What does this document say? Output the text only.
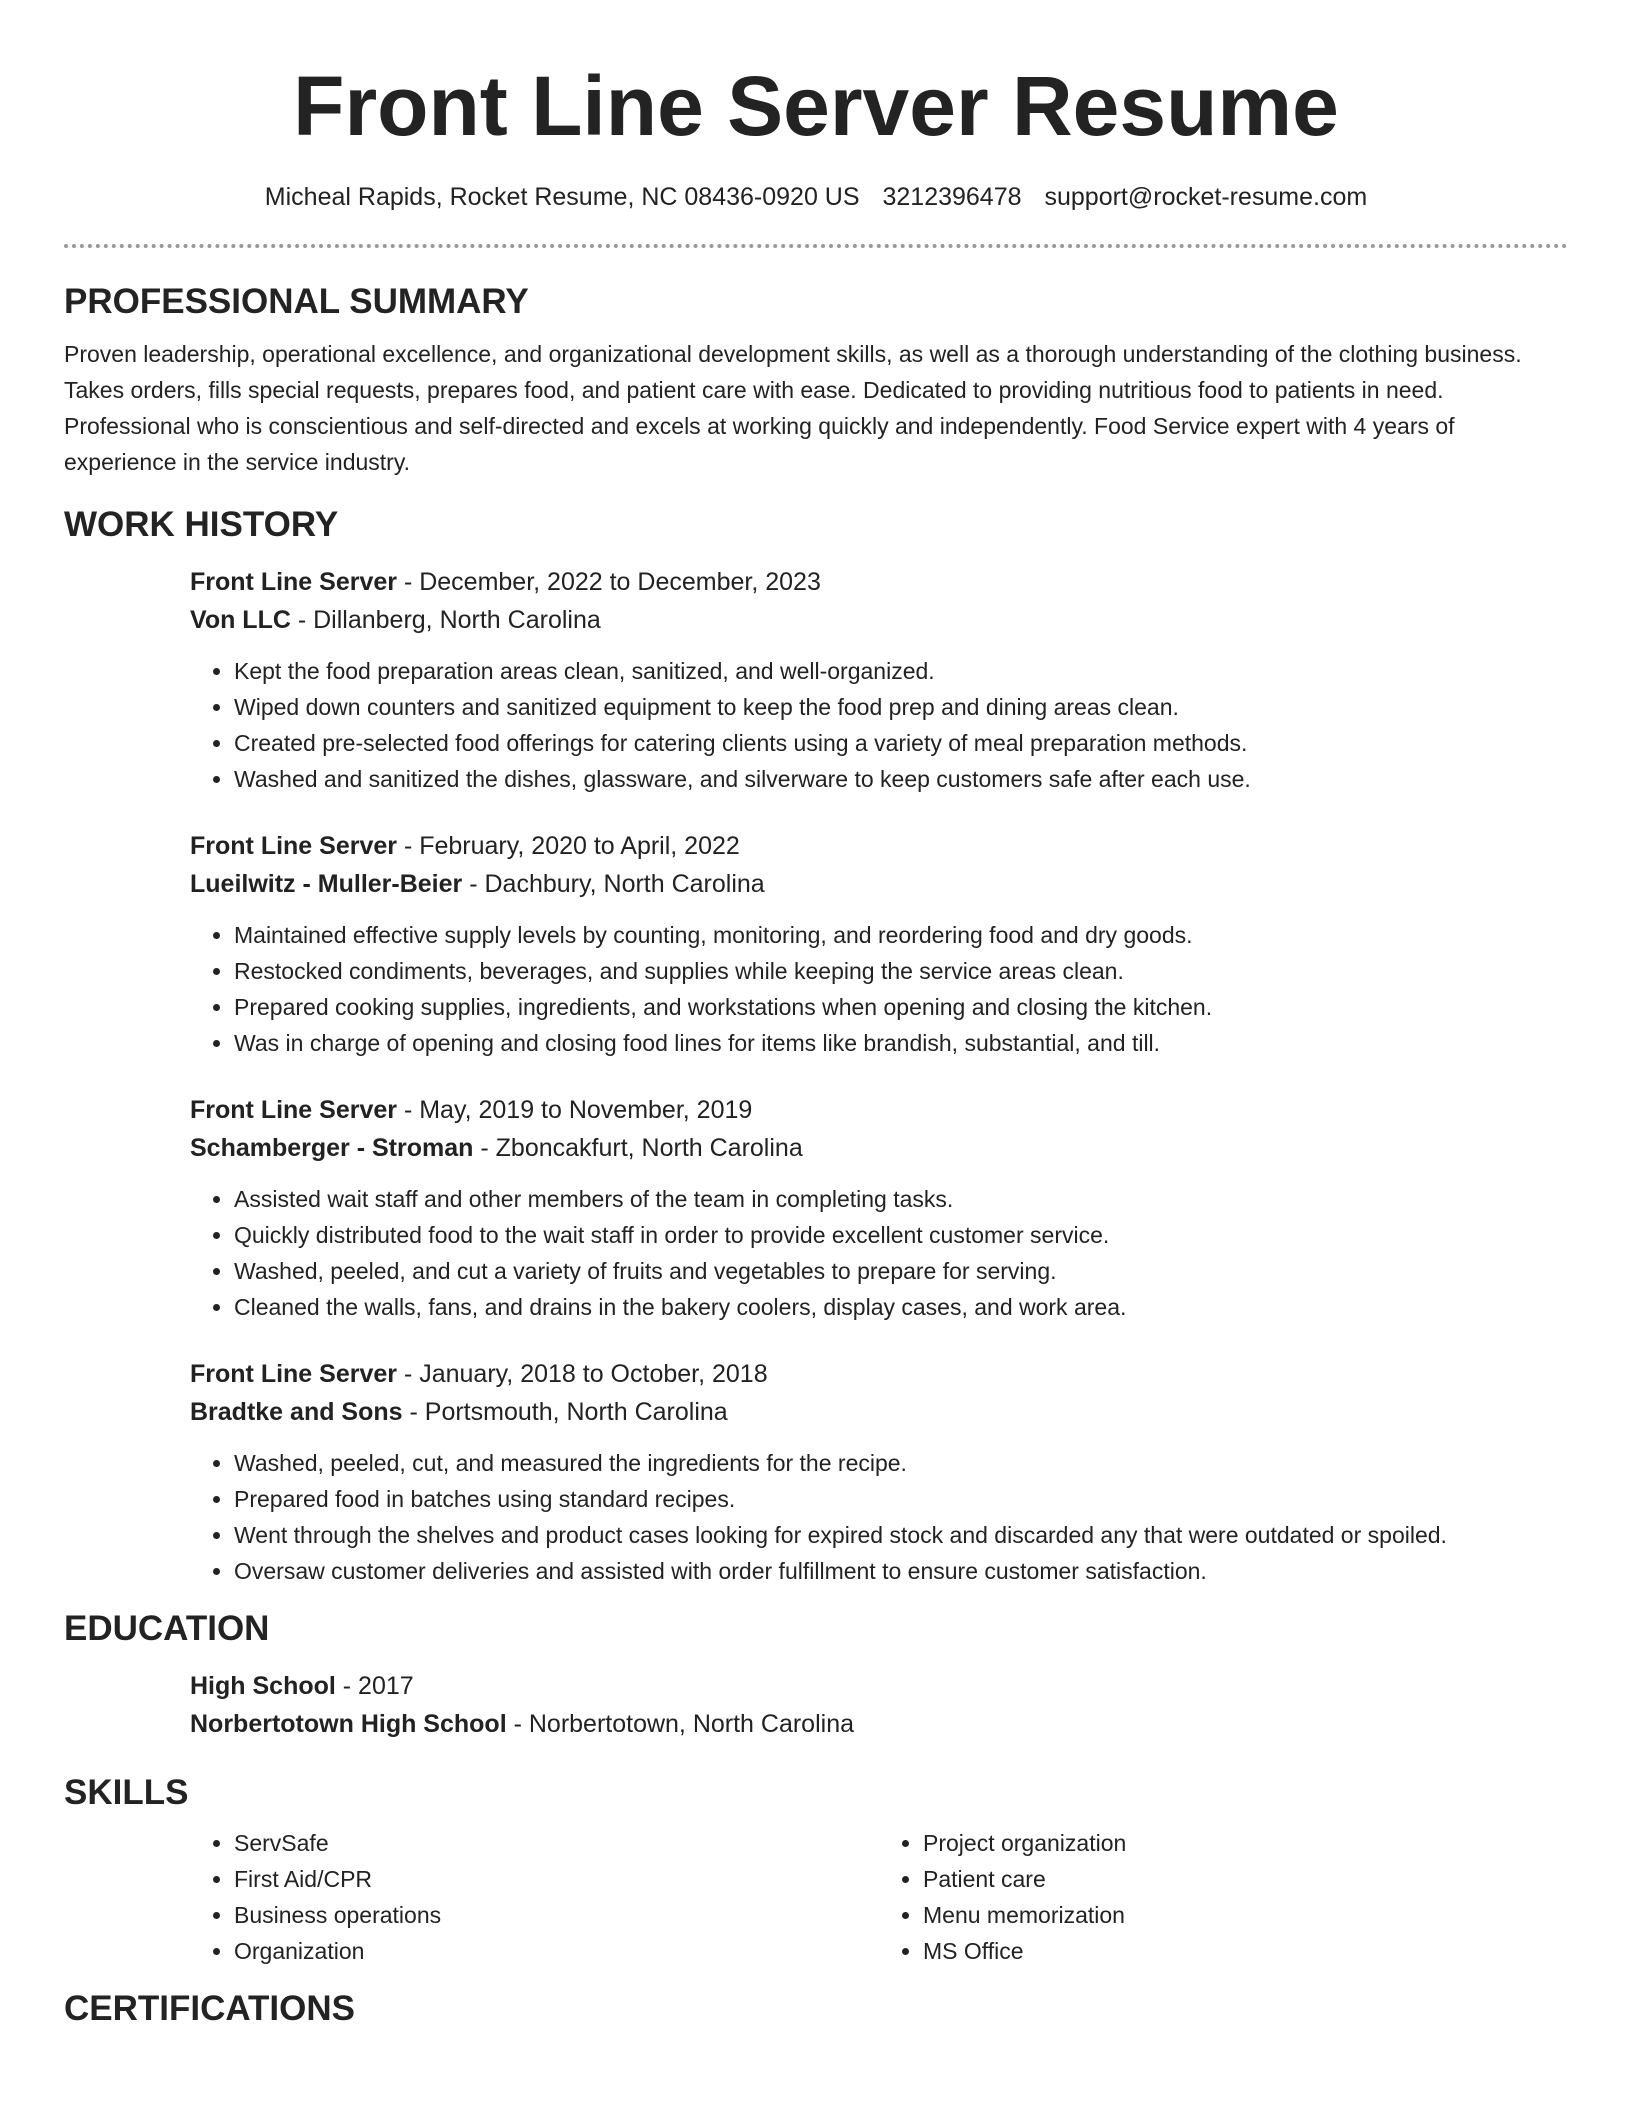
Front Line Server Resume
Micheal Rapids, Rocket Resume, NC 08436-0920 US 3212396478 support@rocket-resume.com
PROFESSIONAL SUMMARY

Proven leadership, operational excellence, and organizational development skills, as well as a thorough understanding of the clothing business. Takes orders, fills special requests, prepares food, and patient care with ease. Dedicated to providing nutritious food to patients in need. Professional who is conscientious and self-directed and excels at working quickly and independently. Food Service expert with 4 years of experience in the service industry.

WORK HISTORY
Front Line Server - December, 2022 to December, 2023
Von LLC - Dillanberg, North Carolina
• Kept the food preparation areas clean, sanitized, and well-organized.
• Wiped down counters and sanitized equipment to keep the food prep and dining areas clean.
• Created pre-selected food offerings for catering clients using a variety of meal preparation methods.
• Washed and sanitized the dishes, glassware, and silverware to keep customers safe after each use.
Front Line Server - February, 2020 to April, 2022
Lueilwitz - Muller-Beier - Dachbury, North Carolina
• Maintained effective supply levels by counting, monitoring, and reordering food and dry goods.
• Restocked condiments, beverages, and supplies while keeping the service areas clean.
• Prepared cooking supplies, ingredients, and workstations when opening and closing the kitchen.
• Was in charge of opening and closing food lines for items like brandish, substantial, and till.
Front Line Server - May, 2019 to November, 2019
Schamberger - Stroman - Zboncakfurt, North Carolina
• Assisted wait staff and other members of the team in completing tasks.
• Quickly distributed food to the wait staff in order to provide excellent customer service.
• Washed, peeled, and cut a variety of fruits and vegetables to prepare for serving.
• Cleaned the walls, fans, and drains in the bakery coolers, display cases, and work area.
Front Line Server - January, 2018 to October, 2018
Bradtke and Sons - Portsmouth, North Carolina
• Washed, peeled, cut, and measured the ingredients for the recipe.
• Prepared food in batches using standard recipes.
• Went through the shelves and product cases looking for expired stock and discarded any that were outdated or spoiled.
• Oversaw customer deliveries and assisted with order fulfillment to ensure customer satisfaction.
EDUCATION
High School - 2017
Norbertotown High School - Norbertotown, North Carolina
SKILLS
• ServSafe
• First Aid/CPR
• Business operations
• Organization
• Project organization
• Patient care
• Menu memorization
• MS Office
CERTIFICATIONS
